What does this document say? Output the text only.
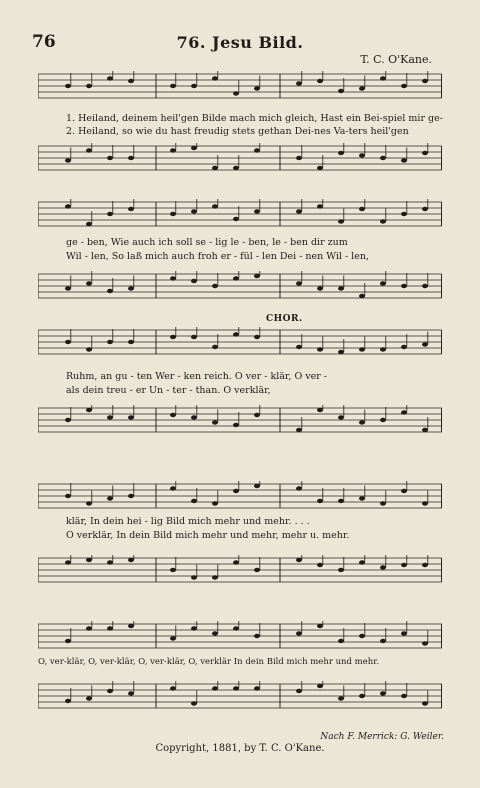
76	76. Jesu Bild.
T. C. O'Kane.
1. Heiland, deinem heil'gen Bilde mach mich gleich, Hast ein Bei-spiel mir ge-
2. Heiland, so wie du hast freudig stets gethan Dei-nes Va-ters heil'gen
ge - ben, Wie auch ich soll se - lig le - ben, le - ben dir zum
Wil - len, So laß mich auch froh er - fül - len Dei - nen Wil - len,
CHOR.
Ruhm, an gu - ten Wer - ken reich. O ver - klär, O ver -
als dein treu - er Un - ter - than. O verklär,
klär, In dein hei - lig Bild mich mehr und mehr. . . .
O verklär, In dein Bild mich mehr und mehr, mehr u. mehr.
O, ver-klär, O, ver-klär, O, ver-klär, O, verklär In dein Bild mich mehr und mehr.
Nach F. Merrick: G. Weiler.
Copyright, 1881, by T. C. O'Kane.
